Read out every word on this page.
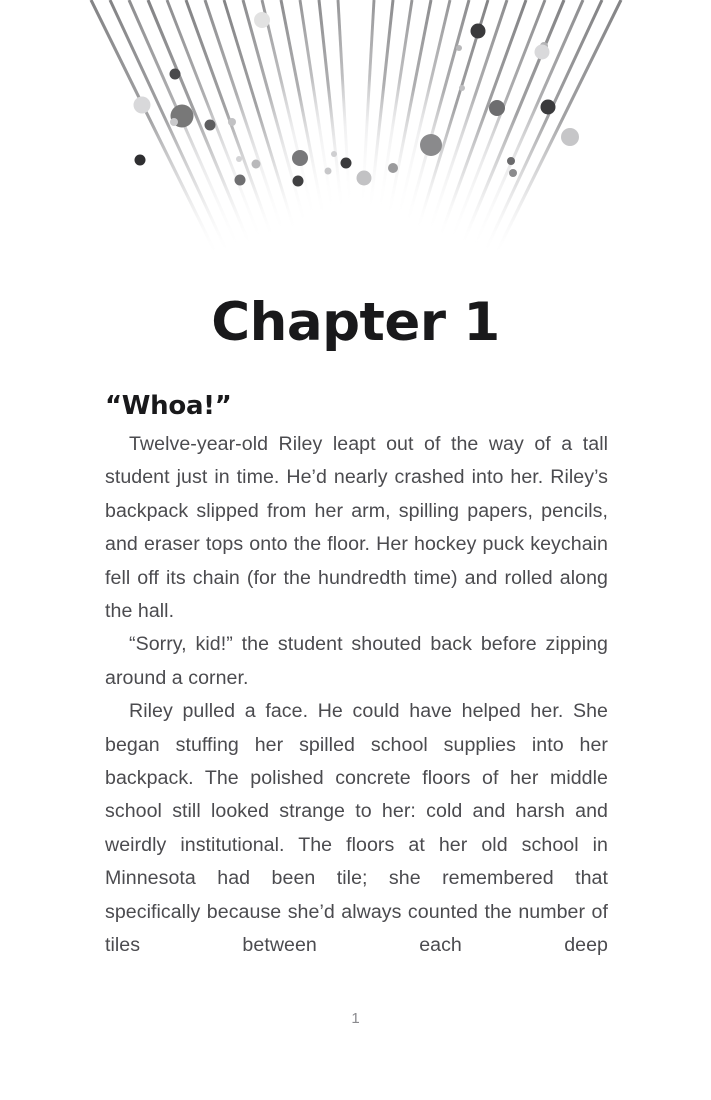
Chapter 1

“Whoa!”

Twelve-year-old Riley leapt out of the way of a tall student just in time. He’d nearly crashed into her. Riley’s backpack slipped from her arm, spilling papers, pencils, and eraser tops onto the floor. Her hockey puck keychain fell off its chain (for the hundredth time) and rolled along the hall.

“Sorry, kid!” the student shouted back before zipping around a corner.

Riley pulled a face. He could have helped her. She began stuffing her spilled school supplies into her backpack. The polished concrete floors of her middle school still looked strange to her: cold and harsh and weirdly institutional. The floors at her old school in Minnesota had been tile; she remembered that specifically because she’d always counted the number of tiles between each deep

1
